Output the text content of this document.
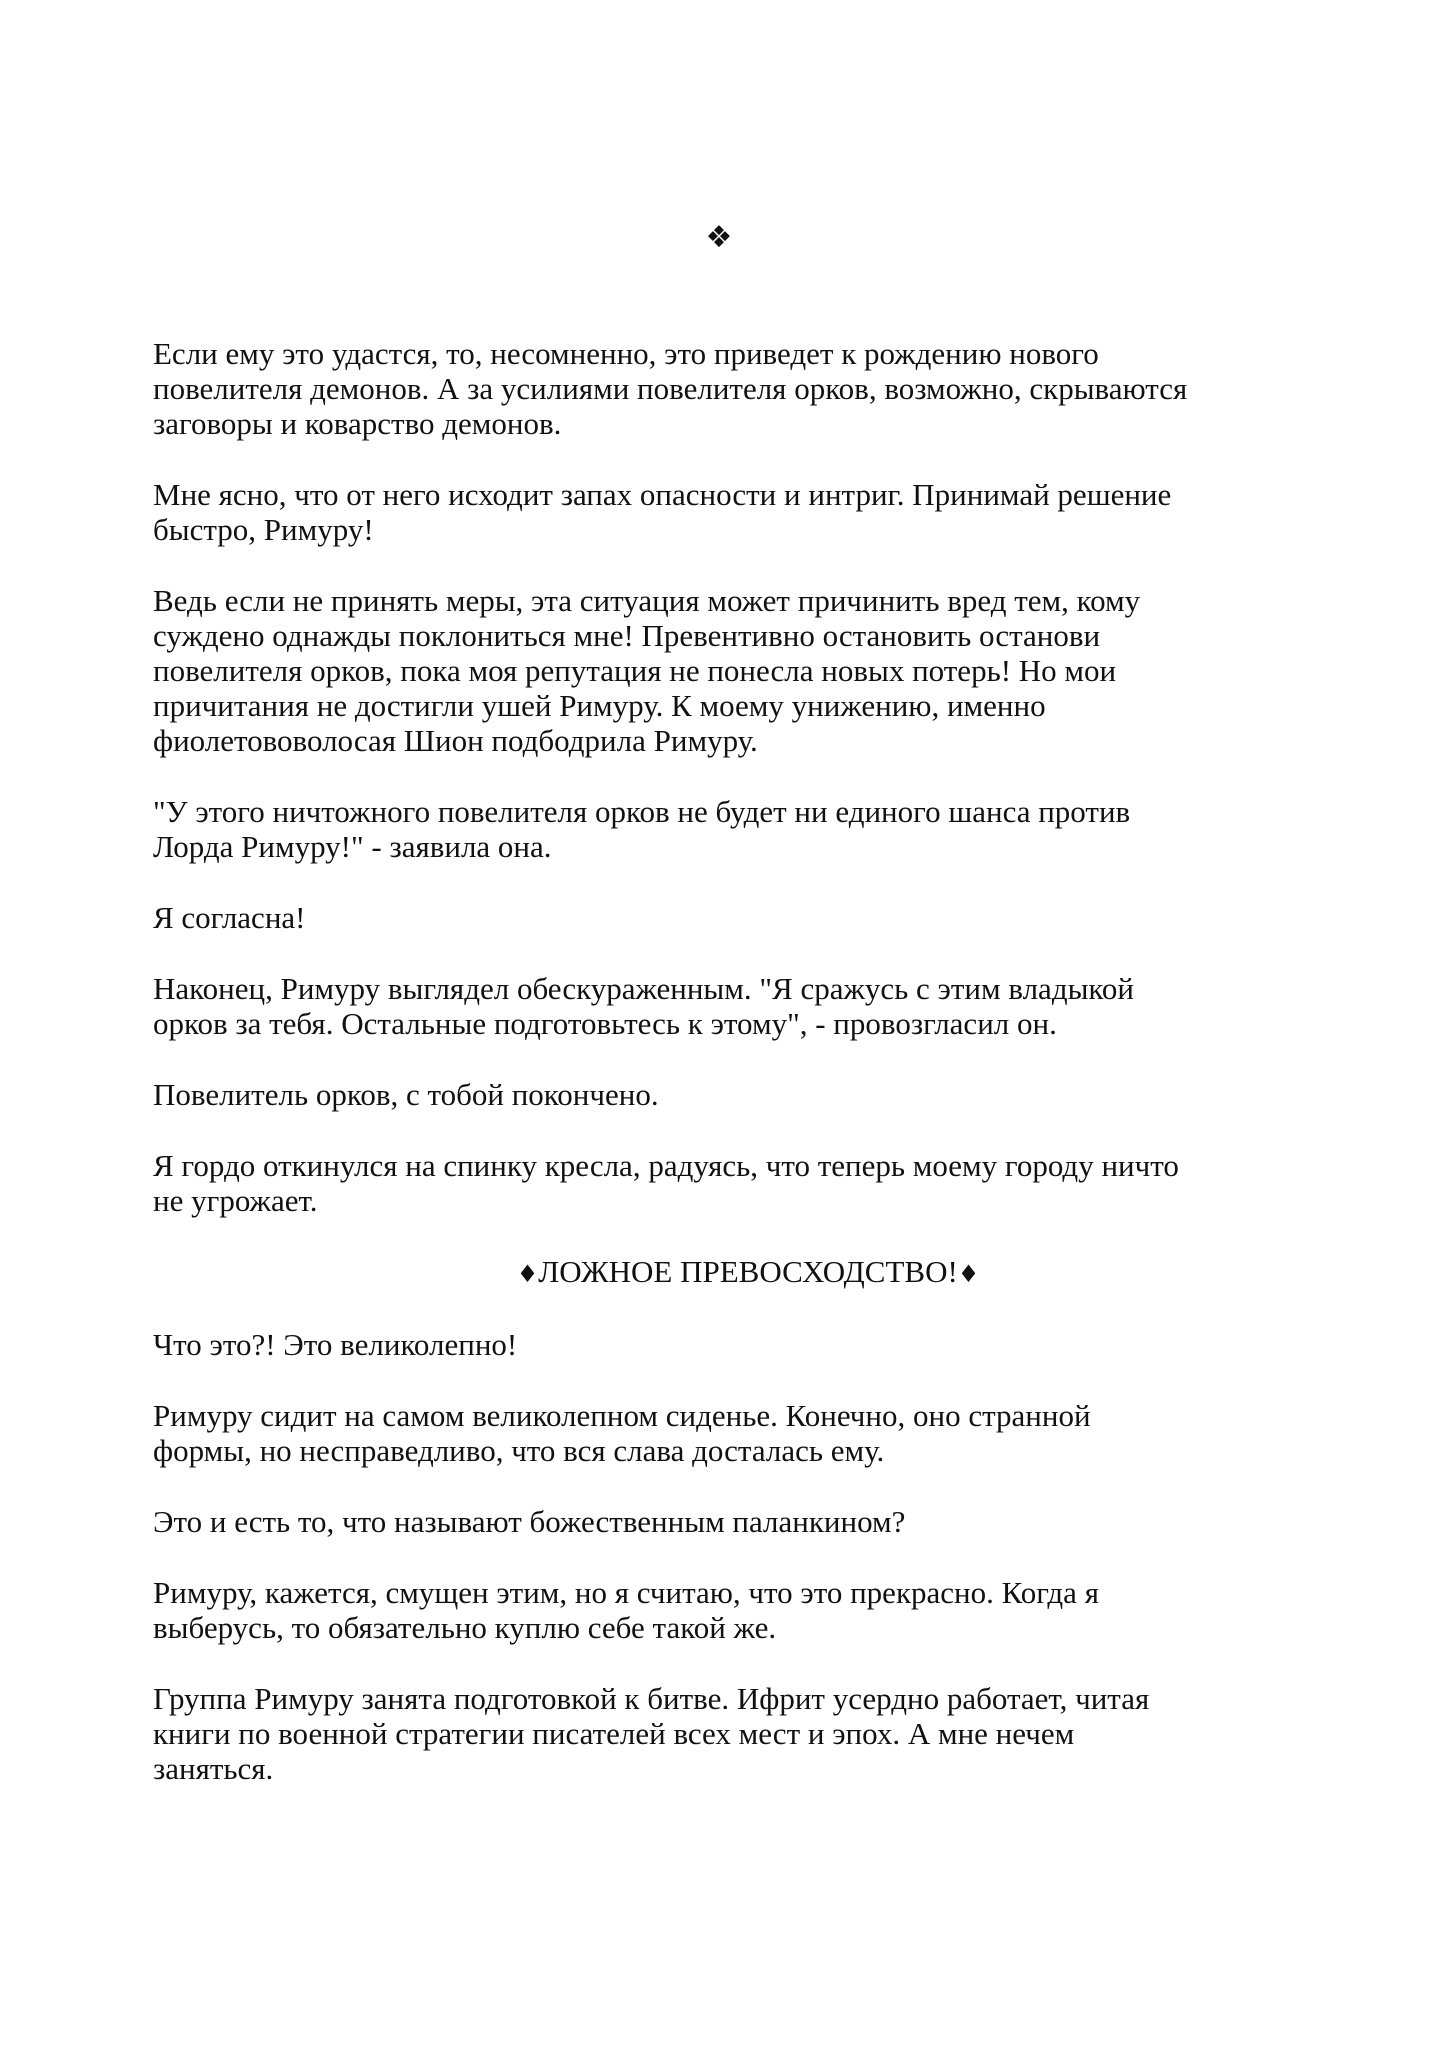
❖

Если ему это удастся, то, несомненно, это приведет к рождению нового
повелителя демонов. А за усилиями повелителя орков, возможно, скрываются
заговоры и коварство демонов.

Мне ясно, что от него исходит запах опасности и интриг. Принимай решение
быстро, Римуру!

Ведь если не принять меры, эта ситуация может причинить вред тем, кому
суждено однажды поклониться мне! Превентивно остановить останови
повелителя орков, пока моя репутация не понесла новых потерь! Но мои
причитания не достигли ушей Римуру. К моему унижению, именно
фиолетововолосая Шион подбодрила Римуру.

"У этого ничтожного повелителя орков не будет ни единого шанса против
Лорда Римуру!" - заявила она.

Я согласна!

Наконец, Римуру выглядел обескураженным. "Я сражусь с этим владыкой
орков за тебя. Остальные подготовьтесь к этому", - провозгласил он.

Повелитель орков, с тобой покончено.

Я гордо откинулся на спинку кресла, радуясь, что теперь моему городу ничто
не угрожает.

♦ЛОЖНОЕ ПРЕВОСХОДСТВО!♦

Что это?! Это великолепно!

Римуру сидит на самом великолепном сиденье. Конечно, оно странной
формы, но несправедливо, что вся слава досталась ему.

Это и есть то, что называют божественным паланкином?

Римуру, кажется, смущен этим, но я считаю, что это прекрасно. Когда я
выберусь, то обязательно куплю себе такой же.

Группа Римуру занята подготовкой к битве. Ифрит усердно работает, читая
книги по военной стратегии писателей всех мест и эпох. А мне нечем
заняться.
